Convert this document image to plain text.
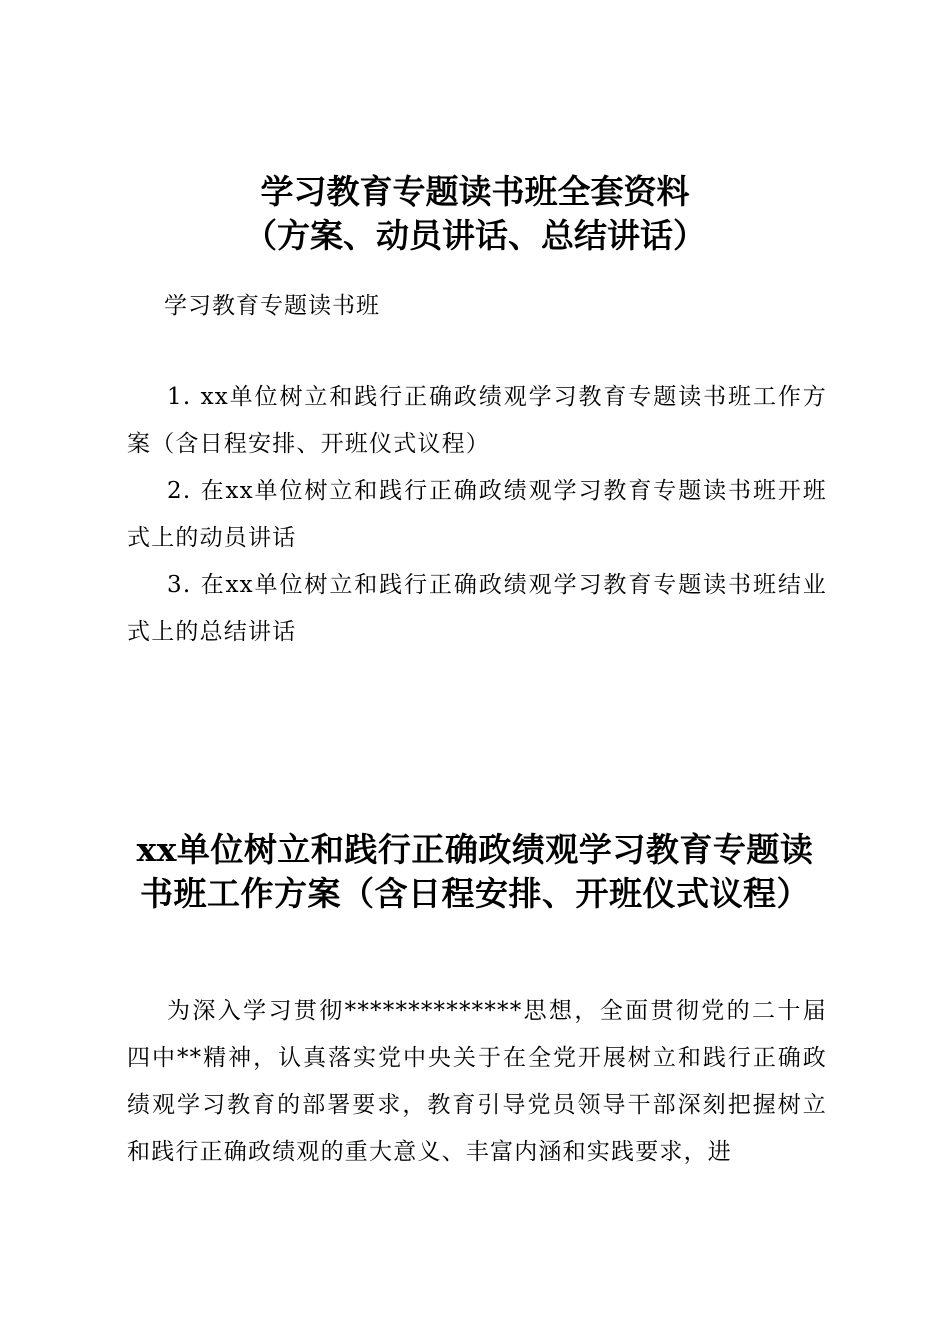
学习教育专题读书班全套资料
（方案、动员讲话、总结讲话）

学习教育专题读书班

1. xx单位树立和践行正确政绩观学习教育专题读书班工作方案（含日程安排、开班仪式议程）
2. 在xx单位树立和践行正确政绩观学习教育专题读书班开班式上的动员讲话
3. 在xx单位树立和践行正确政绩观学习教育专题读书班结业式上的总结讲话
xx单位树立和践行正确政绩观学习教育专题读书班工作方案（含日程安排、开班仪式议程）

为深入学习贯彻**************思想，全面贯彻党的二十届四中**精神，认真落实党中央关于在全党开展树立和践行正确政绩观学习教育的部署要求，教育引导党员领导干部深刻把握树立和践行正确政绩观的重大意义、丰富内涵和实践要求，进
